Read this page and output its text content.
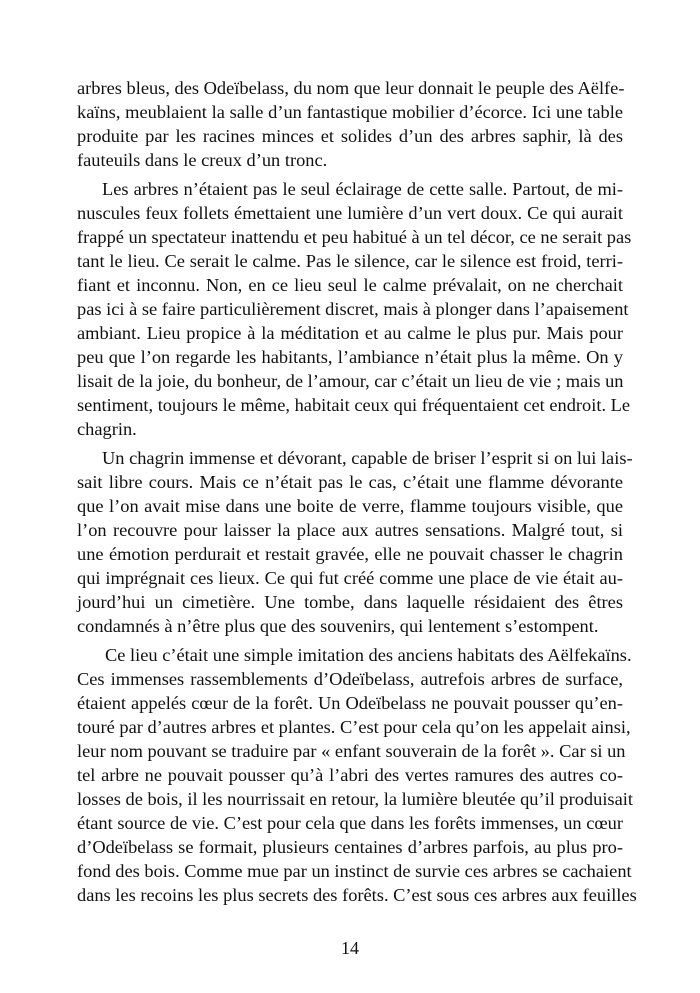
arbres bleus, des Odeïbelass, du nom que leur donnait le peuple des Aëlfe-
kaïns, meublaient la salle d’un fantastique mobilier d’écorce. Ici une table
produite par les racines minces et solides d’un des arbres saphir, là des
fauteuils dans le creux d’un tronc.
Les arbres n’étaient pas le seul éclairage de cette salle. Partout, de mi-
nuscules feux follets émettaient une lumière d’un vert doux. Ce qui aurait
frappé un spectateur inattendu et peu habitué à un tel décor, ce ne serait pas
tant le lieu. Ce serait le calme. Pas le silence, car le silence est froid, terri-
fiant et inconnu. Non, en ce lieu seul le calme prévalait, on ne cherchait
pas ici à se faire particulièrement discret, mais à plonger dans l’apaisement
ambiant. Lieu propice à la méditation et au calme le plus pur. Mais pour
peu que l’on regarde les habitants, l’ambiance n’était plus la même. On y
lisait de la joie, du bonheur, de l’amour, car c’était un lieu de vie ; mais un
sentiment, toujours le même, habitait ceux qui fréquentaient cet endroit. Le
chagrin.
Un chagrin immense et dévorant, capable de briser l’esprit si on lui lais-
sait libre cours. Mais ce n’était pas le cas, c’était une flamme dévorante
que l’on avait mise dans une boite de verre, flamme toujours visible, que
l’on recouvre pour laisser la place aux autres sensations. Malgré tout, si
une émotion perdurait et restait gravée, elle ne pouvait chasser le chagrin
qui imprégnait ces lieux. Ce qui fut créé comme une place de vie était au-
jourd’hui un cimetière. Une tombe, dans laquelle résidaient des êtres
condamnés à n’être plus que des souvenirs, qui lentement s’estompent.
Ce lieu c’était une simple imitation des anciens habitats des Aëlfekaïns.
Ces immenses rassemblements d’Odeïbelass, autrefois arbres de surface,
étaient appelés cœur de la forêt. Un Odeïbelass ne pouvait pousser qu’en-
touré par d’autres arbres et plantes. C’est pour cela qu’on les appelait ainsi,
leur nom pouvant se traduire par « enfant souverain de la forêt ». Car si un
tel arbre ne pouvait pousser qu’à l’abri des vertes ramures des autres co-
losses de bois, il les nourrissait en retour, la lumière bleutée qu’il produisait
étant source de vie. C’est pour cela que dans les forêts immenses, un cœur
d’Odeïbelass se formait, plusieurs centaines d’arbres parfois, au plus pro-
fond des bois. Comme mue par un instinct de survie ces arbres se cachaient
dans les recoins les plus secrets des forêts. C’est sous ces arbres aux feuilles
14
